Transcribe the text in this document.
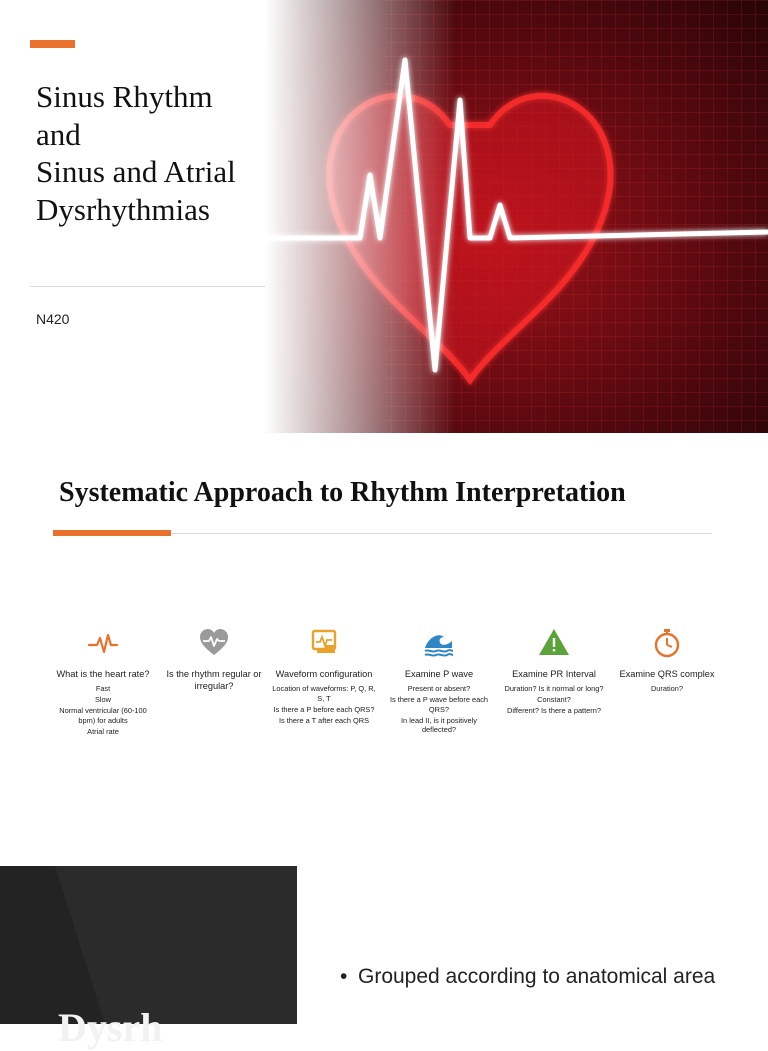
Sinus Rhythm
and
Sinus and Atrial
Dysrhythmias
N420
Systematic Approach to Rhythm Interpretation
What is the heart rate?
Fast
Slow
Normal ventricular (60-100 bpm) for adults
Atrial rate
Is the rhythm regular or irregular?
Waveform configuration
Location of waveforms: P, Q, R, S, T
Is there a P before each QRS?
Is there a T after each QRS
Examine P wave
Present or absent?
Is there a P wave before each QRS?
In lead II, is it positively deflected?
Examine PR Interval
Duration? Is it normal or long?
Constant?
Different? Is there a pattern?
Examine QRS complex
Duration?
Dysrh
• Grouped according to anatomical area
